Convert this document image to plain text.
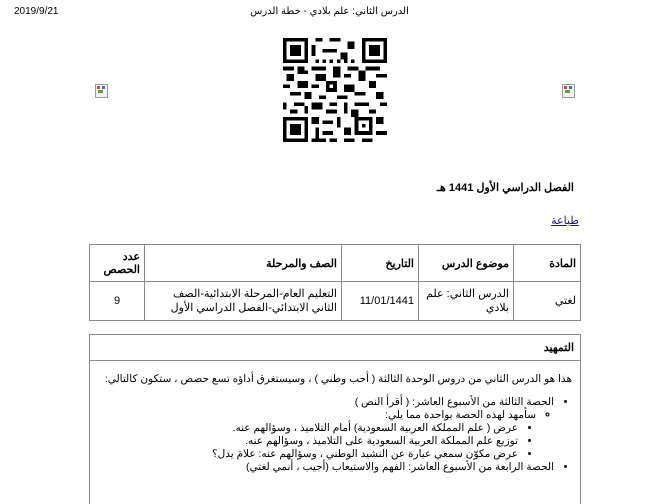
2019/9/21	الدرس الثاني: علم بلادي - خطة الدرس
الفصل الدراسي الأول 1441 هـ
طباعة
المادة	موضوع الدرس	التاريخ	الصف والمرحلة	عدد الحصص
لغتي	الدرس الثاني: علم بلادي	11/01/1441	التعليم العام-المرحلة الابتدائية-الصف الثاني الابتدائي-الفصل الدراسي الأول	9
التمهيد

هذا هو الدرس الثاني من دروس الوحدة الثالثة ( أحب وطني ) ، وسيستغرق أداؤه تسع حصص ، ستكون كالتالي:

• الحصة الثالثة من الأسبوع العاشر: ( أقرأ النص )
◦ سأمهد لهذه الحصة بواحدة مما يلي:
• عرض ( علم المملكة العربية السعودية) أمام التلاميذ ، وسؤالهم عنه.
• توزيع علم المملكة العربية السعودية على التلاميذ ، وسؤالهم عنه.
• عرض مكوّن سمعي عبارة عن النشيد الوطني ، وسؤالهم عنه: علامَ يدل؟
• الحصة الرابعة من الأسبوع العاشر: الفهم والاستيعاب (أجيب ، أنمي لغتي)
